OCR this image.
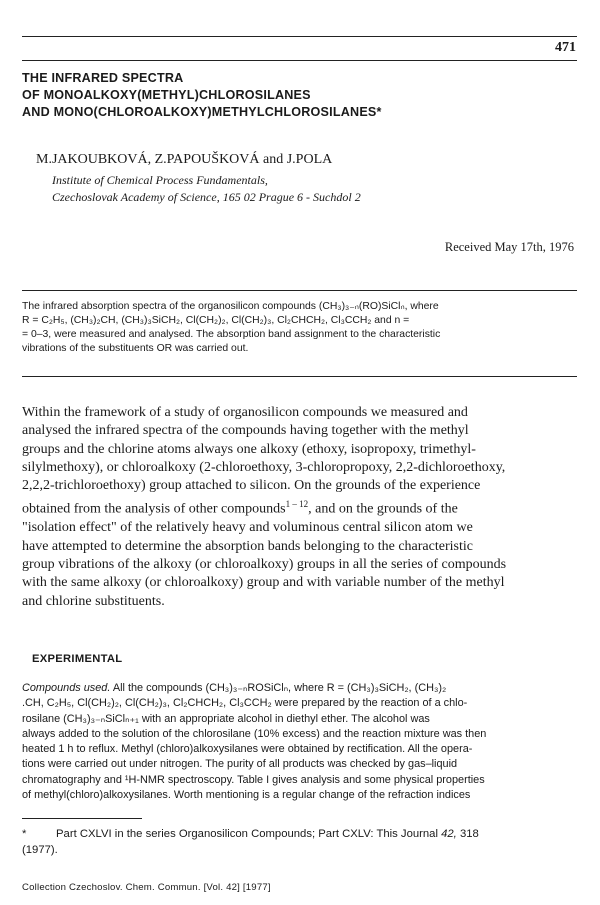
471
THE INFRARED SPECTRA
OF MONOALKOXY(METHYL)CHLOROSILANES
AND MONO(CHLOROALKOXY)METHYLCHLOROSILANES*
M.JAKOUBKOVÁ, Z.PAPOUŠKOVÁ and J.POLA
Institute of Chemical Process Fundamentals,
Czechoslovak Academy of Science, 165 02 Prague 6 - Suchdol 2
Received May 17th, 1976
The infrared absorption spectra of the organosilicon compounds (CH₃)₃₋ₙ(RO)SiClₙ, where
R = C₂H₅, (CH₃)₂CH, (CH₃)₃SiCH₂, Cl(CH₂)₂, Cl(CH₂)₃, Cl₂CHCH₂, Cl₃CCH₂ and n =
= 0–3, were measured and analysed. The absorption band assignment to the characteristic
vibrations of the substituents OR was carried out.
Within the framework of a study of organosilicon compounds we measured and
analysed the infrared spectra of the compounds having together with the methyl
groups and the chlorine atoms always one alkoxy (ethoxy, isopropoxy, trimethyl-
silylmethoxy), or chloroalkoxy (2-chloroethoxy, 3-chloropropoxy, 2,2-dichloroethoxy,
2,2,2-trichloroethoxy) group attached to silicon. On the grounds of the experience
obtained from the analysis of other compounds$^{1 - 12}$, and on the grounds of the
"isolation effect" of the relatively heavy and voluminous central silicon atom we
have attempted to determine the absorption bands belonging to the characteristic
group vibrations of the alkoxy (or chloroalkoxy) groups in all the series of compounds
with the same alkoxy (or chloroalkoxy) group and with variable number of the methyl
and chlorine substituents.
EXPERIMENTAL
Compounds used. All the compounds (CH₃)₃₋ₙROSiClₙ, where R = (CH₃)₃SiCH₂, (CH₃)₂
.CH, C₂H₅, Cl(CH₂)₂, Cl(CH₂)₃, Cl₂CHCH₂, Cl₃CCH₂ were prepared by the reaction of a chlo-
rosilane (CH₃)₃₋ₙSiClₙ₊₁ with an appropriate alcohol in diethyl ether. The alcohol was
always added to the solution of the chlorosilane (10% excess) and the reaction mixture was then
heated 1 h to reflux. Methyl (chloro)alkoxysilanes were obtained by rectification. All the opera-
tions were carried out under nitrogen. The purity of all products was checked by gas–liquid
chromatography and ¹H-NMR spectroscopy. Table I gives analysis and some physical properties
of methyl(chloro)alkoxysilanes. Worth mentioning is a regular change of the refraction indices
*	Part CXLVI in the series Organosilicon Compounds; Part CXLV: This Journal 42, 318
(1977).
Collection Czechoslov. Chem. Commun. [Vol. 42] [1977]
